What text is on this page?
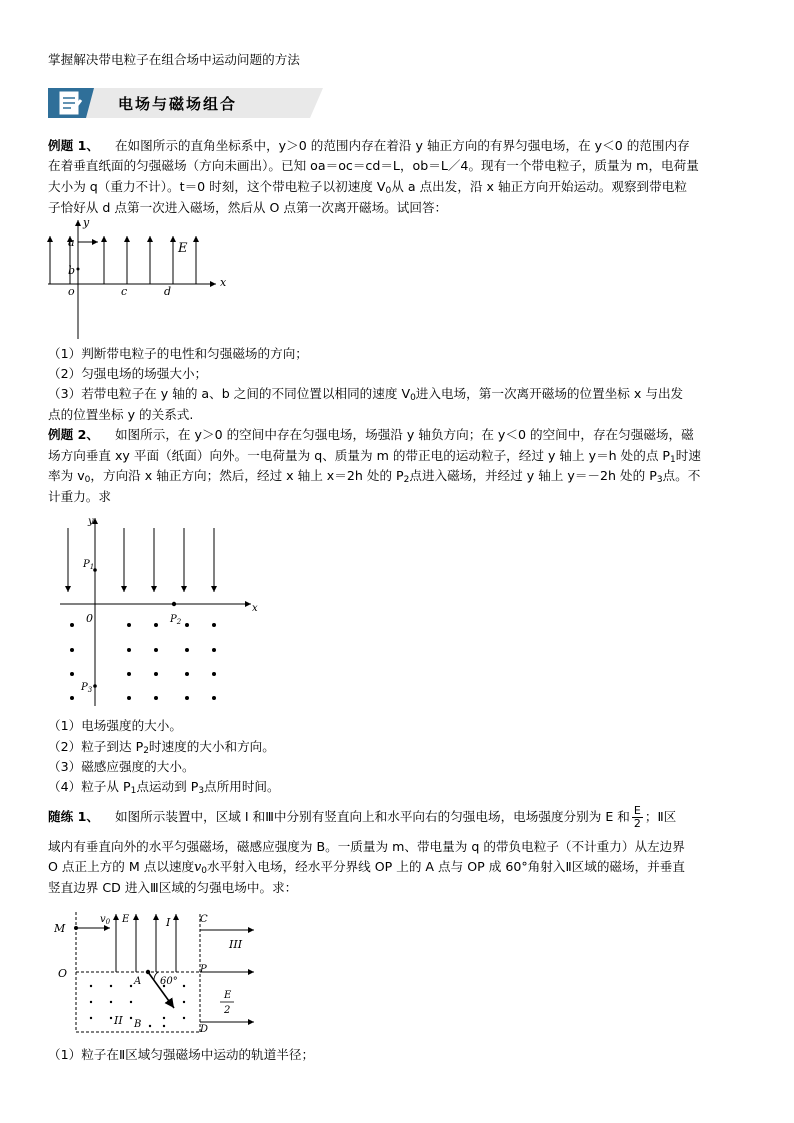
掌握解决带电粒子在组合场中运动问题的方法
电场与磁场组合
例题 1、 在如图所示的直角坐标系中，y＞0 的范围内存在着沿 y 轴正方向的有界匀强电场，在 y＜0 的范围内存
在着垂直纸面的匀强磁场（方向未画出）。已知 oa＝oc＝cd＝L，ob＝L／4。现有一个带电粒子，质量为 m，电荷量
大小为 q（重力不计）。t＝0 时刻，这个带电粒子以初速度 $V_0$从 a 点出发，沿 x 轴正方向开始运动。观察到带电粒
子恰好从 d 点第一次进入磁场，然后从 O 点第一次离开磁场。试回答：
y
a
b
o	c	d
x
E
（1）判断带电粒子的电性和匀强磁场的方向；
（2）匀强电场的场强大小；
（3）若带电粒子在 y 轴的 a、b 之间的不同位置以相同的速度 $V_0$进入电场，第一次离开磁场的位置坐标 x 与出发
点的位置坐标 y 的关系式.
例题 2、 如图所示，在 y＞0 的空间中存在匀强电场，场强沿 y 轴负方向；在 y＜0 的空间中，存在匀强磁场，磁
场方向垂直 xy 平面（纸面）向外。一电荷量为 q、质量为 m 的带正电的运动粒子，经过 y 轴上 y＝h 处的点 $P_1$时速
率为 $v_0$，方向沿 x 轴正方向；然后，经过 x 轴上 x＝2h 处的 $P_2$点进入磁场，并经过 y 轴上 y＝－2h 处的 $P_3$点。不
计重力。求
y
x
0
$P_1$
$P_2$
$P_3$
（1）电场强度的大小。
（2）粒子到达 $P_2$时速度的大小和方向。
（3）磁感应强度的大小。
（4）粒子从 $P_1$点运动到 $P_3$点所用时间。
随练 1、 如图所示装置中，区域 I 和Ⅲ中分别有竖直向上和水平向右的匀强电场，电场强度分别为 E 和 $\frac{E}{2}$ ；Ⅱ区
域内有垂直向外的水平匀强磁场，磁感应强度为 B。一质量为 m、带电量为 q 的带负电粒子（不计重力）从左边界
O 点正上方的 M 点以速度$v_0$水平射入电场，经水平分界线 OP 上的 A 点与 OP 成 60°角射入Ⅱ区域的磁场，并垂直
竖直边界 CD 进入Ⅲ区域的匀强电场中。求：
M
$v_0$ E	I	C
III
O	P
A 60°
II B	D
E
2
（1）粒子在Ⅱ区域匀强磁场中运动的轨道半径；
